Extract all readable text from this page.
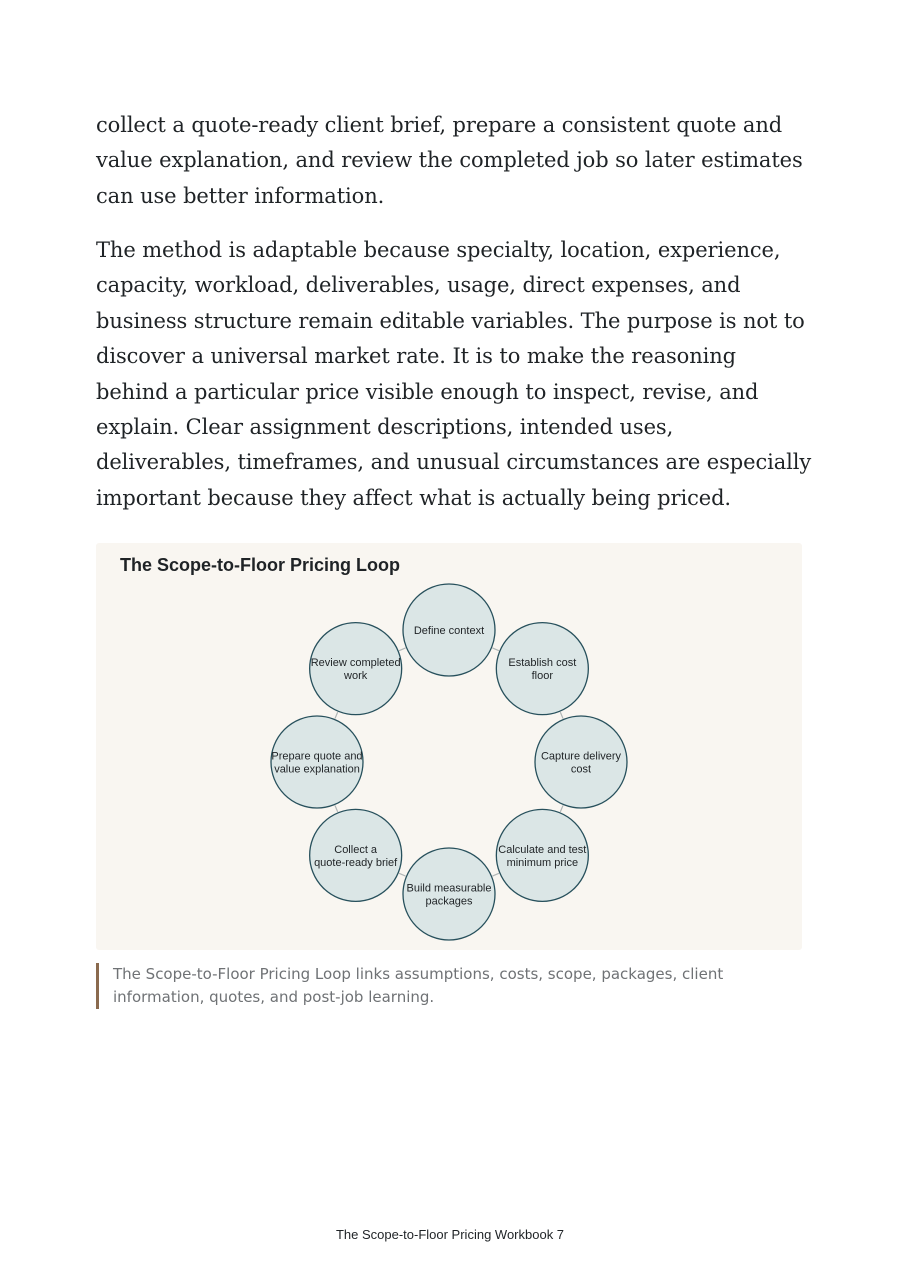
collect a quote-ready client brief, prepare a consistent quote and value explanation, and review the completed job so later estimates can use better information.

The method is adaptable because specialty, location, experience, capacity, workload, deliverables, usage, direct expenses, and business structure remain editable variables. The purpose is not to discover a universal market rate. It is to make the reasoning behind a particular price visible enough to inspect, revise, and explain. Clear assignment descriptions, intended uses, deliverables, timeframes, and unusual circumstances are especially important because they affect what is actually being priced.

The Scope-to-Floor Pricing Loop
Define context
Establish cost floor
Capture delivery cost
Calculate and test minimum price
Build measurable packages
Collect a quote-ready brief
Prepare quote and value explanation
Review completed work

The Scope-to-Floor Pricing Loop links assumptions, costs, scope, packages, client information, quotes, and post-job learning.

The Scope-to-Floor Pricing Workbook 7
